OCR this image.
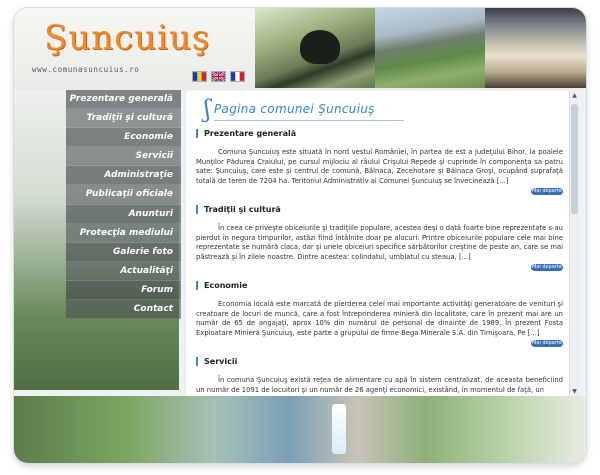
Şuncuiuş
www.comunasuncuius.ro
Prezentare generală
Tradiţii şi cultură
Economie
Servicii
Administraţie
Publicaţii oficiale
Anunturi
Protecţia mediului
Galerie foto
Actualităţi
Forum
Contact
ʃ Pagina comunei Şuncuiuş
Prezentare generală

Comuna Şuncuiuş este situată în nord vestul României, în partea de est a judeţului Bihor, la poalele Munţilor Pădurea Craiului, pe cursul mijlociu al râului Crişului Repede şi cuprinde în componenţa sa patru sate: Şuncuiuş, care este şi centrul de comună, Bălnaca, Zecehotare şi Bălnaca Groşi, ocupând suprafaţă totală de teren de 7204 ha. Teritoriul Administrativ al Comunei Şuncuiuş se învecinează [...]

Mai departe
Tradiţii şi cultură

În ceea ce priveşte obiceiurile şi tradiţiile populare, acestea deşi o dată foarte bine reprezentate s-au pierdut în negura timpurilor, astăzi fiind întâlnite doar pe alocuri. Printre obiceiurile populare cele mai bine reprezentate se numără claca, dar şi unele obiceiuri specifice sărbătorilor creştine de peste an, care se mai păstrează şi în zilele noastre. Dintre acestea: colindatul, umblatul cu steaua, [...]

Mai departe
Economie

Economia locală este marcată de pierderea celei mai importante activităţi generatoare de venituri şi creatoare de locuri de muncă, care a fost întreprinderea minieră din localitate, care în prezent mai are un număr de 65 de angajaţi, aprox 10% din numărul de personal de dinainte de 1989. În prezent Fosta Exploatare Minieră Şuncuiuş, este parte a grupului de firme Bega Minerale S.A. din Timişoara. Pe [...]

Mai departe
Servicii

În comuna Şuncuiuş există reţea de alimentare cu apă în sistem centralizat, de aceasta beneficiind un număr de 1091 de locuitori şi un număr de 26 agenţi economici, existând, în momentul de faţă, un

▲
▼
